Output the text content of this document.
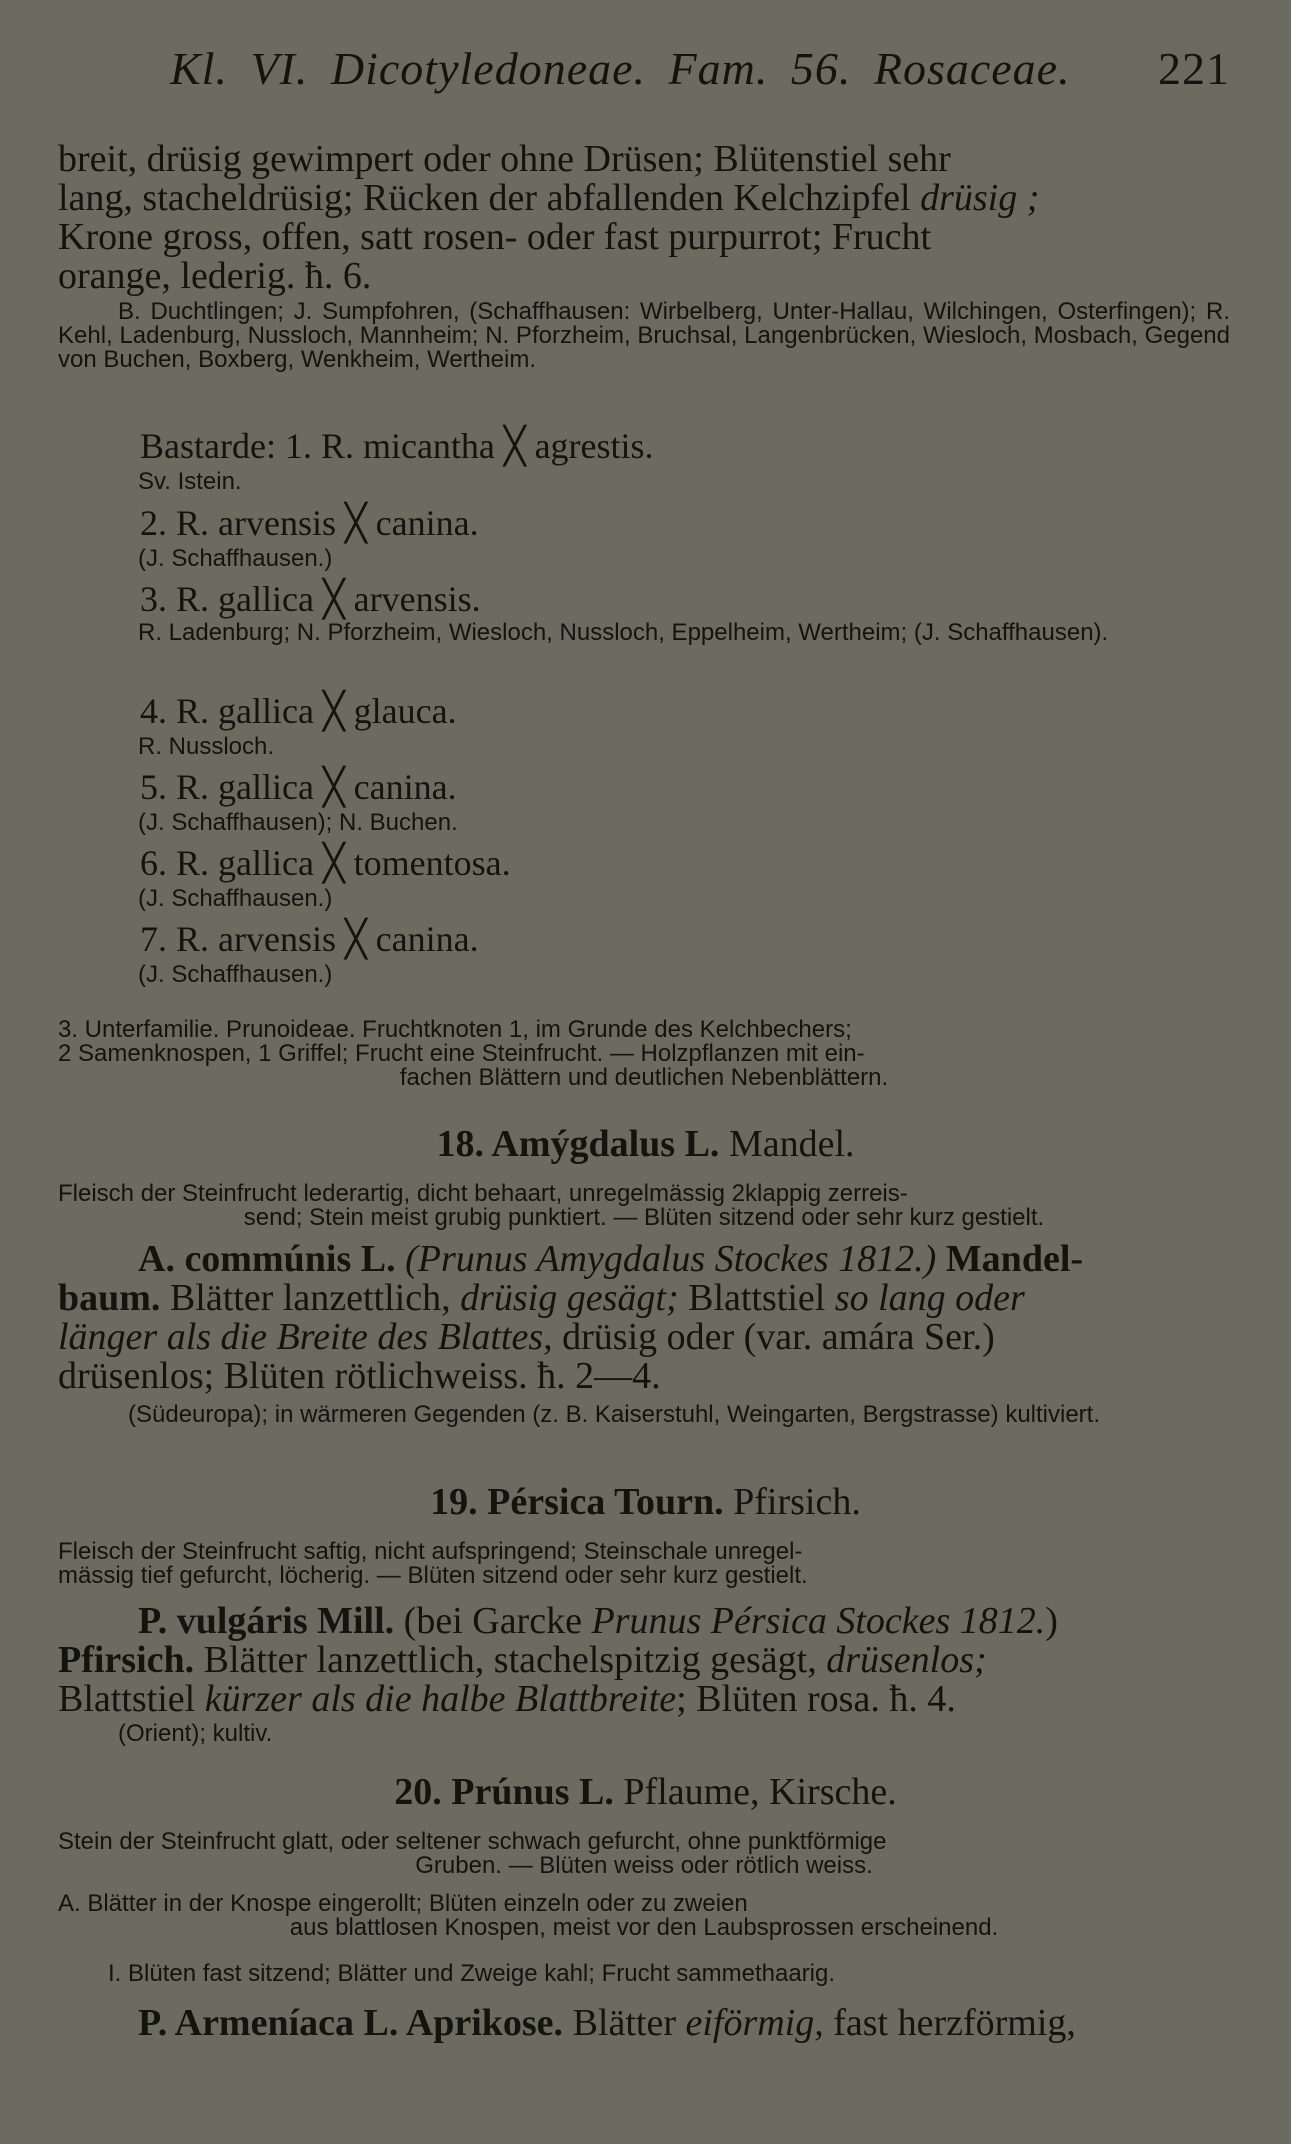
Kl. VI. Dicotyledoneae. Fam. 56. Rosaceae. 221
breit, drüsig gewimpert oder ohne Drüsen; Blütenstiel sehr
lang, stacheldrüsig; Rücken der abfallenden Kelchzipfel drüsig ;
Krone gross, offen, satt rosen- oder fast purpurrot; Frucht
orange, lederig. ħ. 6.
B. Duchtlingen; J. Sumpfohren, (Schaffhausen: Wirbelberg, Unter-Hallau, Wilchingen, Osterfingen); R. Kehl, Ladenburg, Nussloch, Mannheim; N. Pforzheim, Bruchsal, Langenbrücken, Wiesloch, Mosbach, Gegend von Buchen, Boxberg, Wenkheim, Wertheim.
Bastarde: 1. R. micantha ╳ agrestis.
Sv. Istein.
2. R. arvensis ╳ canina.
(J. Schaffhausen.)
3. R. gallica ╳ arvensis.
R. Ladenburg; N. Pforzheim, Wiesloch, Nussloch, Eppelheim, Wertheim; (J. Schaffhausen).
4. R. gallica ╳ glauca.
R. Nussloch.
5. R. gallica ╳ canina.
(J. Schaffhausen); N. Buchen.
6. R. gallica ╳ tomentosa.
(J. Schaffhausen.)
7. R. arvensis ╳ canina.
(J. Schaffhausen.)
3. Unterfamilie. Prunoideae. Fruchtknoten 1, im Grunde des Kelchbechers;
2 Samenknospen, 1 Griffel; Frucht eine Steinfrucht. — Holzpflanzen mit ein-
fachen Blättern und deutlichen Nebenblättern.
18. Amýgdalus L. Mandel.
Fleisch der Steinfrucht lederartig, dicht behaart, unregelmässig 2klappig zerreis-
send; Stein meist grubig punktiert. — Blüten sitzend oder sehr kurz gestielt.
A. commúnis L. (Prunus Amygdalus Stockes 1812.) Mandel-
baum. Blätter lanzettlich, drüsig gesägt; Blattstiel so lang oder
länger als die Breite des Blattes, drüsig oder (var. amára Ser.)
drüsenlos; Blüten rötlichweiss. ħ. 2—4.
(Südeuropa); in wärmeren Gegenden (z. B. Kaiserstuhl, Weingarten, Bergstrasse) kultiviert.
19. Pérsica Tourn. Pfirsich.
Fleisch der Steinfrucht saftig, nicht aufspringend; Steinschale unregel-
mässig tief gefurcht, löcherig. — Blüten sitzend oder sehr kurz gestielt.
P. vulgáris Mill. (bei Garcke Prunus Pérsica Stockes 1812.)
Pfirsich. Blätter lanzettlich, stachelspitzig gesägt, drüsenlos;
Blattstiel kürzer als die halbe Blattbreite; Blüten rosa. ħ. 4.
(Orient); kultiv.
20. Prúnus L. Pflaume, Kirsche.
Stein der Steinfrucht glatt, oder seltener schwach gefurcht, ohne punktförmige
Gruben. — Blüten weiss oder rötlich weiss.
A. Blätter in der Knospe eingerollt; Blüten einzeln oder zu zweien
aus blattlosen Knospen, meist vor den Laubsprossen erscheinend.
I. Blüten fast sitzend; Blätter und Zweige kahl; Frucht sammethaarig.
P. Armeníaca L. Aprikose. Blätter eiförmig, fast herzförmig,
